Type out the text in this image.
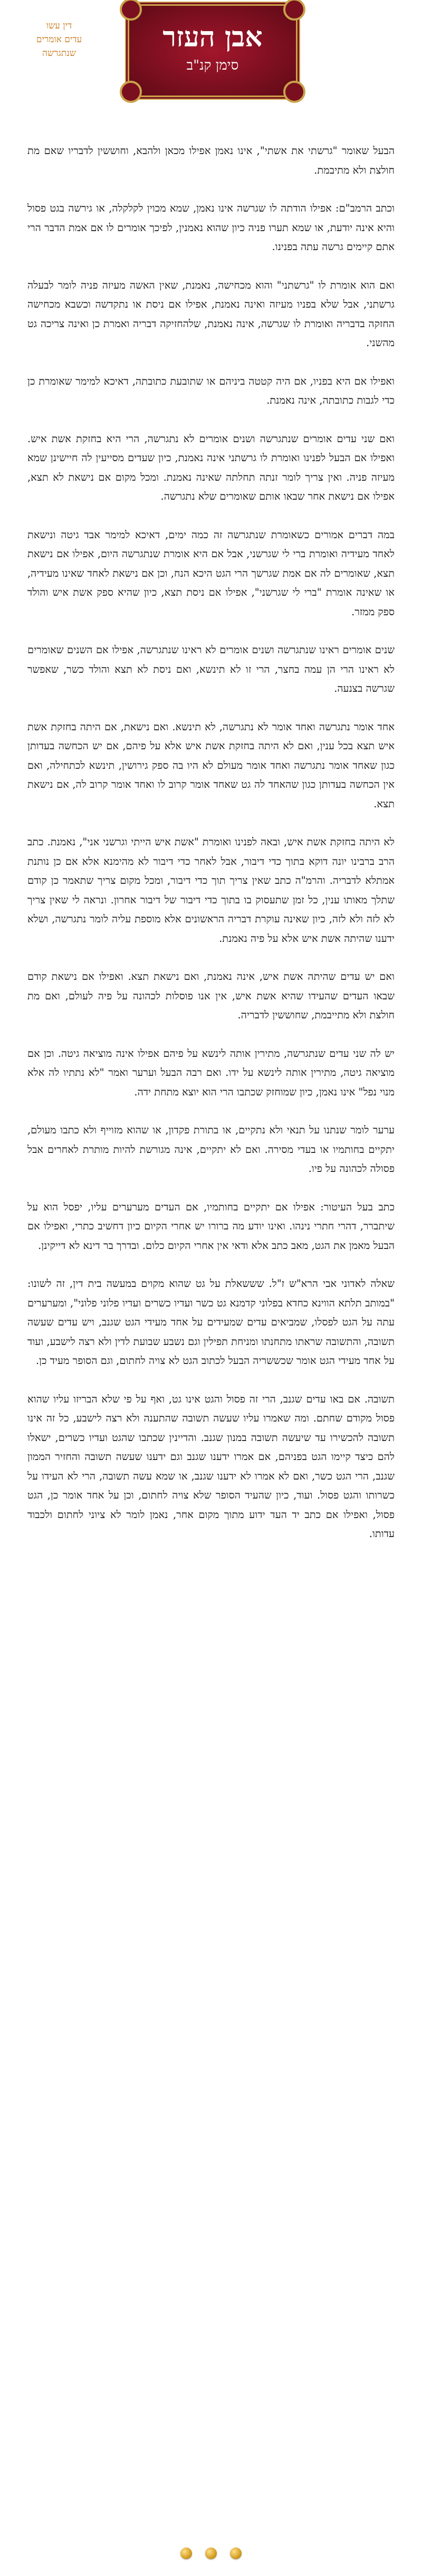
דין עשו
עדים אומרים
שנתגרשה	אבן העזר
סימן קנ"ב

הבעל שאומר "גרשתי את אשתי", אינו נאמן אפילו מכאן ולהבא, וחוששין לדבריו שאם מת חולצת ולא מתיבמת.

וכתב הרמב"ם: אפילו הודתה לו שגרשה אינו נאמן, שמא מכוין לקלקלה, או גירשה בגט פסול והיא אינה יודעת, או שמא תערו פניה כיון שהוא נאמנין, לפיכך אומרים לו אם אמת הדבר הרי אתם קיימים גרשה עתה בפנינו.

ואם הוא אומרת לו "גרשתני" והוא מכחישה, נאמנת, שאין האשה מעיזה פניה לומר לבעלה גרשתני, אבל שלא בפניו מעיזה ואינה נאמנת, אפילו אם ניסת או נתקדשה וכשבא מכחישה החזקה בדבריה ואומרת לו שגרשה, אינה נאמנת, שלהחזיקה דבריה ואמרת כן ואינה צריכה גט מהשני.

ואפילו אם היא בפניו, אם היה קטטה ביניהם או שתובעת כתובתה, דאיכא למימר שאומרת כן כדי לגבות כתובתה, אינה נאמנת.

ואם שני עדים אומרים שנתגרשה ושנים אומרים לא נתגרשה, הרי היא בחזקת אשת איש. ואפילו אם הבעל לפנינו ואומרת לו גרשתני אינה נאמנת, כיון שעדים מסייעין לה חיישינן שמא מעיזה פניה. ואין צריך לומר זנתה תחלתה שאינה נאמנת. ומכל מקום אם נישאת לא תצא, אפילו אם נישאת אחר שבאו אותם שאומרים שלא נתגרשה.

במה דברים אמורים כשאומרת שנתגרשה זה כמה ימים, דאיכא למימר אבד גיטה ונישאת לאחד מעידיה ואומרת ברי לי שגרשני, אבל אם היא אומרת שנתגרשה היום, אפילו אם נישאת תצא, שאומרים לה אם אמת שגרשך הרי הגט היכא הנח, וכן אם נישאת לאחד שאינו מעידיה, או שאינה אומרת "ברי לי שגרשני", אפילו אם ניסת תצא, כיון שהיא ספק אשת איש והולד ספק ממזר.

שנים אומרים ראינו שנתגרשה ושנים אומרים לא ראינו שנתגרשה, אפילו אם השנים שאומרים לא ראינו הרי הן עמה בחצר, הרי זו לא תינשא, ואם ניסת לא תצא והולד כשר, שאפשר שגרשה בצנעה.

אחד אומר נתגרשה ואחד אומר לא נתגרשה, לא תינשא. ואם נישאת, אם היתה בחזקת אשת איש תצא בכל ענין, ואם לא היתה בחזקת אשת איש אלא על פיהם, אם יש הכחשה בעדותן כגון שאחד אומר נתגרשה ואחד אומר מעולם לא היו בה ספק גירושין, תינשא לכתחילה, ואם אין הכחשה בעדותן כגון שהאחד לה גט שאחד אומר קרוב לו ואחד אומר קרוב לה, אם נישאת תצא.

לא היתה בחזקת אשת איש, ובאה לפנינו ואומרת "אשת איש הייתי וגרשני אני", נאמנת. כתב הרב ברבינו יונה דוקא בתוך כדי דיבור, אבל לאחר כדי דיבור לא מהימנא אלא אם כן נותנת אמתלא לדבריה. והרמ"ה כתב שאין צריך תוך כדי דיבור, ומכל מקום צריך שתאמר כן קודם שתלך מאותו ענין, כל זמן שתעסוק בו בתוך כדי דיבור של דיבור אחרון. ונראה לי שאין צריך לא לזה ולא לזה, כיון שאינה עוקרת דבריה הראשונים אלא מוספת עליה לומר נתגרשה, ושלא ידענו שהיתה אשת איש אלא על פיה נאמנת.

ואם יש עדים שהיתה אשת איש, אינה נאמנת, ואם נישאת תצא. ואפילו אם נישאת קודם שבאו העדים שהעידו שהיא אשת איש, אין אנו פוסלות לכהונה על פיה לעולם, ואם מת חולצת ולא מתייבמת, שחוששין לדבריה.

יש לה שני עדים שנתגרשה, מתירין אותה לינשא על פיהם אפילו אינה מוציאה גיטה. וכן אם מוציאה גיטה, מתירין אותה לינשא על ידו. ואם רבה הבעל וערער ואמר "לא נתתיו לה אלא מנוי נפל" אינו נאמן, כיון שמוחזק שכתבו הרי הוא יוצא מתחת ידה.

ערער לומר שנתנו על תנאי ולא נתקיים, או בתורת פקדון, או שהוא מזוייף ולא כתבו מעולם, יתקיים בחותמיו או בעדי מסירה. ואם לא יתקיים, אינה מגורשת להיות מותרת לאחרים אבל פסולה לכהונה על פיו.

כתב בעל העיטור: אפילו אם יתקיים בחותמיו, אם העדים מערערים עליו, יפסל הוא על שיתברר, דהרי חתרי נינהו. ואינו יודע מה ברורו יש אחרי הקיום כיון דחשיב כתרי, ואפילו אם הבעל מאמן את הגט, מאב כתב אלא ודאי אין אחרי הקיום כלום. ובדרך בר דינא לא דייקינן.

שאלה לאדוני אבי הרא"ש ז"ל. שששאלת על גט שהוא מקוים במעשה בית דין, זה לשונו: "במותב תלתא הווינא כחדא בפלוני קדמנא גט כשר ועדיו כשרים ועדיו פלוני פלוני", ומערערים עתה על הגט לפסלו, שמביאים עדים שמעידים על אחד מעידי הגט שגנב, ויש עדים שעשה תשובה, והתשובה שראתו מתחנתו ומניחת תפילין וגם נשבע שבועת לדין ולא רצה לישבע, ועוד על אחד מעידי הגט אומר שכששריה הבעל לכתוב הגט לא צויה לחתום, וגם הסופר מעיד כן.

תשובה. אם באו עדים שגנב, הרי זה פסול והגט אינו גט, ואף על פי שלא הבריזו עליו שהוא פסול מקודם שחתם. ומה שאמרו עליו שעשה תשובה שהתענה ולא רצה לישבע, כל זה אינו תשובה להכשירו עד שיעשה תשובה במנון שגנב. והדיינין שכתבו שהגט ועדיו כשרים, ישאלו להם כיצד קיימו הגט בפניהם, אם אמרו ידענו שגנב וגם ידענו שעשה תשובה והחזיר הממון שגנב, הרי הגט כשר, ואם לא אמרו לא ידענו שגנב, או שמא עשה תשובה, הרי לא העידו על כשרותו והגט פסול. ועוד, כיון שהעיד הסופר שלא צויה לחתום, וכן על אחד אומר כן, הגט פסול, ואפילו אם כתב יד העד ידוע מתוך מקום אחר, נאמן לומר לא ציוני לחתום ולכבוד עדותו.
